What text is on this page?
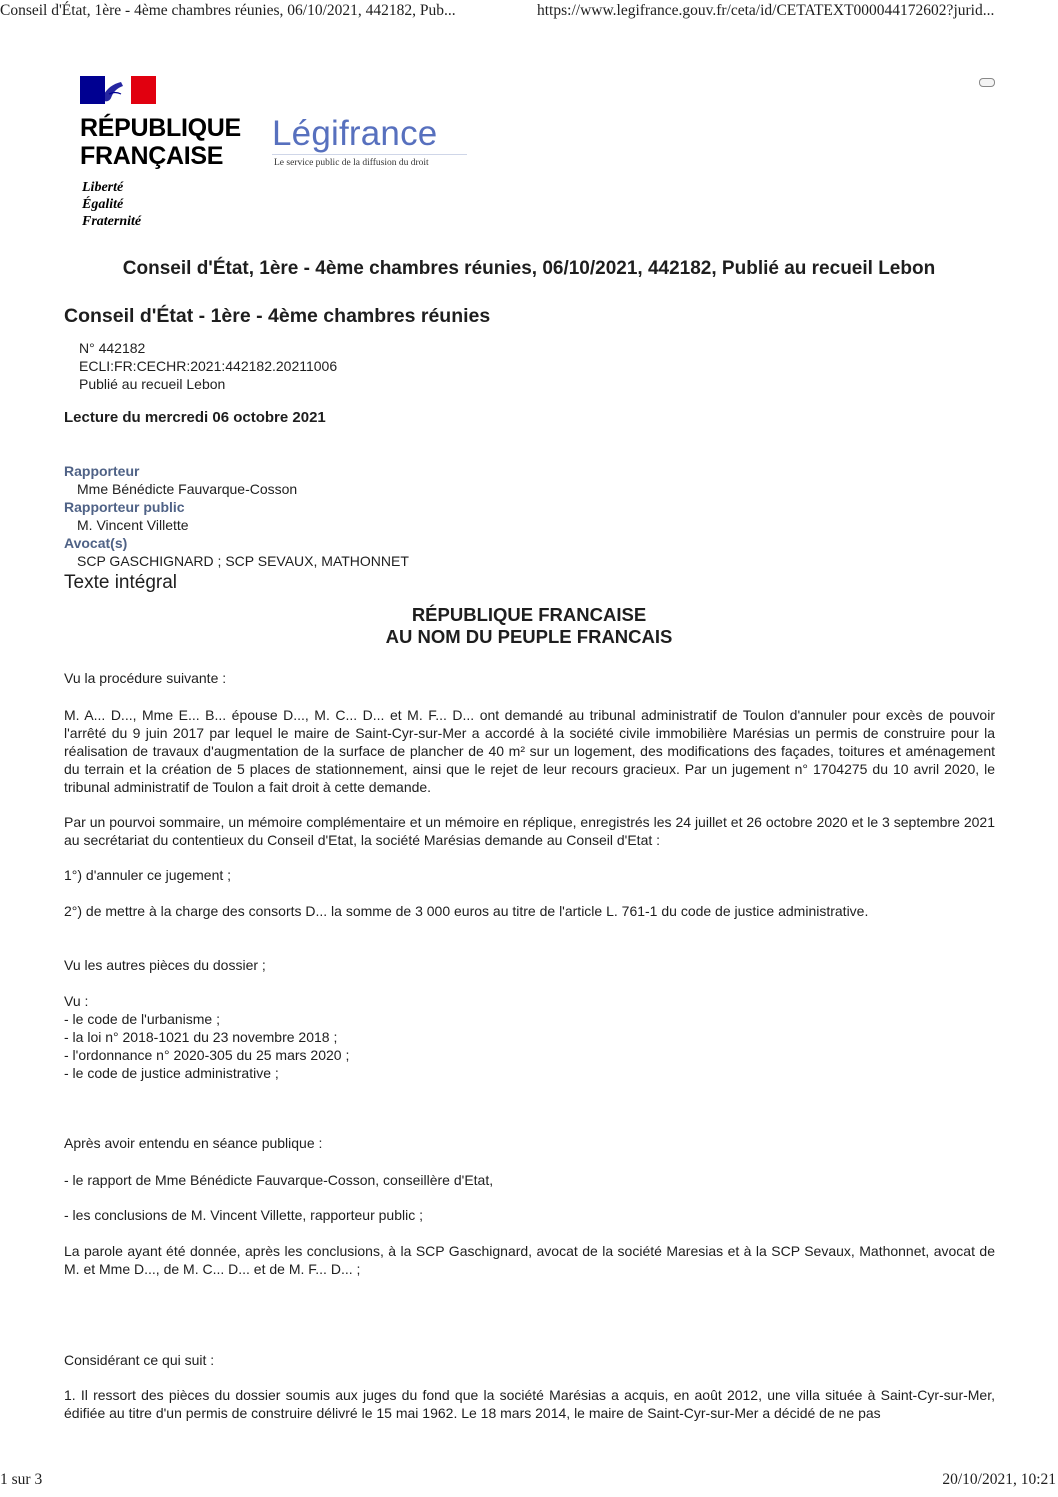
Conseil d'État, 1ère - 4ème chambres réunies, 06/10/2021, 442182, Pub...	https://www.legifrance.gouv.fr/ceta/id/CETATEXT000044172602?jurid...
RÉPUBLIQUE
FRANÇAISE
Liberté
Égalité
Fraternité
Légifrance
Le service public de la diffusion du droit
Conseil d'État, 1ère - 4ème chambres réunies, 06/10/2021, 442182, Publié au recueil Lebon
Conseil d'État - 1ère - 4ème chambres réunies
N° 442182
ECLI:FR:CECHR:2021:442182.20211006
Publié au recueil Lebon
Lecture du mercredi 06 octobre 2021
Rapporteur
Mme Bénédicte Fauvarque-Cosson
Rapporteur public
M. Vincent Villette
Avocat(s)
SCP GASCHIGNARD ; SCP SEVAUX, MATHONNET
Texte intégral
RÉPUBLIQUE FRANCAISE
AU NOM DU PEUPLE FRANCAIS
Vu la procédure suivante :
M. A... D..., Mme E... B... épouse D..., M. C... D... et M. F... D... ont demandé au tribunal administratif de Toulon d'annuler pour excès de pouvoir l'arrêté du 9 juin 2017 par lequel le maire de Saint-Cyr-sur-Mer a accordé à la société civile immobilière Marésias un permis de construire pour la réalisation de travaux d'augmentation de la surface de plancher de 40 m² sur un logement, des modifications des façades, toitures et aménagement du terrain et la création de 5 places de stationnement, ainsi que le rejet de leur recours gracieux. Par un jugement n° 1704275 du 10 avril 2020, le tribunal administratif de Toulon a fait droit à cette demande.
Par un pourvoi sommaire, un mémoire complémentaire et un mémoire en réplique, enregistrés les 24 juillet et 26 octobre 2020 et le 3 septembre 2021 au secrétariat du contentieux du Conseil d'Etat, la société Marésias demande au Conseil d'Etat :
1°) d'annuler ce jugement ;
2°) de mettre à la charge des consorts D... la somme de 3 000 euros au titre de l'article L. 761-1 du code de justice administrative.
Vu les autres pièces du dossier ;
Vu :
- le code de l'urbanisme ;
- la loi n° 2018-1021 du 23 novembre 2018 ;
- l'ordonnance n° 2020-305 du 25 mars 2020 ;
- le code de justice administrative ;
Après avoir entendu en séance publique :
- le rapport de Mme Bénédicte Fauvarque-Cosson, conseillère d'Etat,
- les conclusions de M. Vincent Villette, rapporteur public ;
La parole ayant été donnée, après les conclusions, à la SCP Gaschignard, avocat de la société Maresias et à la SCP Sevaux, Mathonnet, avocat de M. et Mme D..., de M. C... D... et de M. F... D... ;
Considérant ce qui suit :
1. Il ressort des pièces du dossier soumis aux juges du fond que la société Marésias a acquis, en août 2012, une villa située à Saint-Cyr-sur-Mer, édifiée au titre d'un permis de construire délivré le 15 mai 1962. Le 18 mars 2014, le maire de Saint-Cyr-sur-Mer a décidé de ne pas
1 sur 3	20/10/2021, 10:21
